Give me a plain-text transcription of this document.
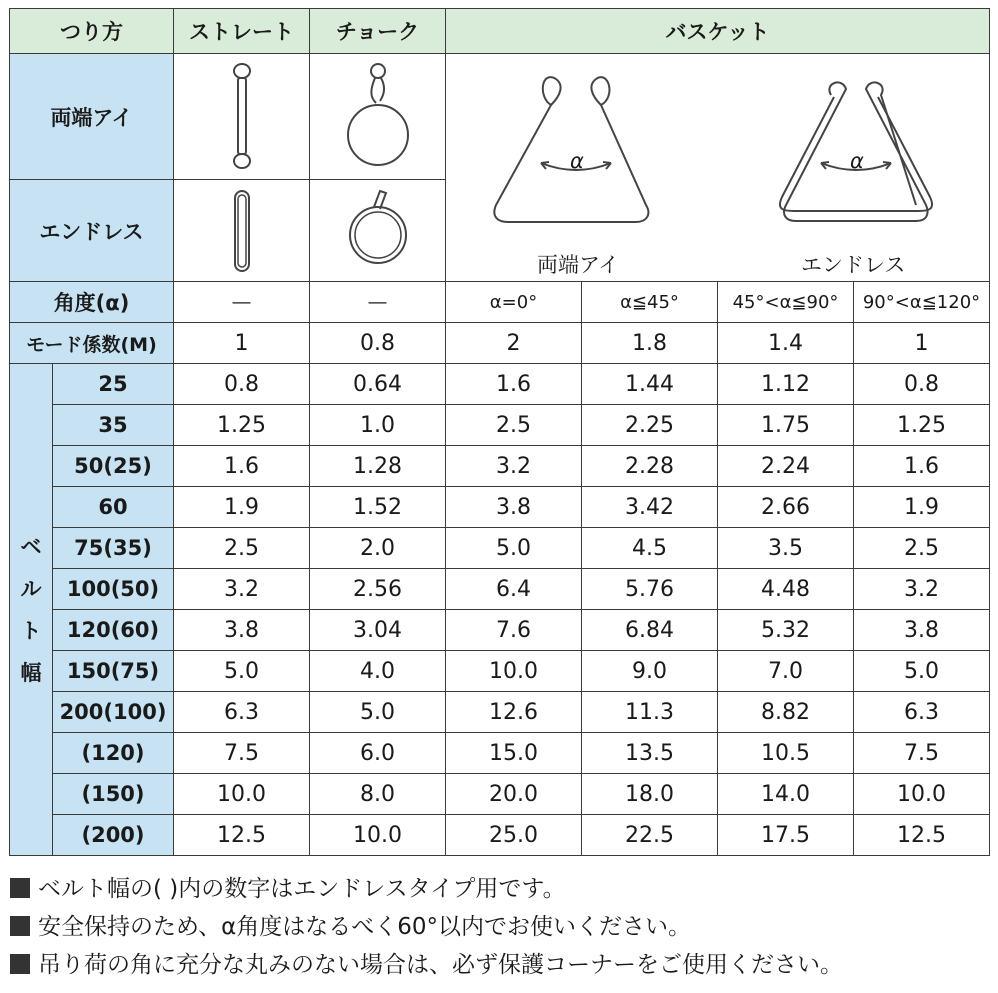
つり方		ストレート	チョーク	バスケット			
両端アイ				α α
両端アイ エンドレス			

エンドレス	

角度(α)		―	―	α=0°	α≦45°	45°<α≦90°	90°<α≦120°
モード係数(M)		1	0.8	2	1.8	1.4	1

ベ
ル
ト
幅	25	0.8	0.64	1.6	1.44	1.12	0.8
	35	1.25	1.0	2.5	2.25	1.75	1.25
	50(25)	1.6	1.28	3.2	2.28	2.24	1.6
	60	1.9	1.52	3.8	3.42	2.66	1.9
	75(35)	2.5	2.0	5.0	4.5	3.5	2.5
	100(50)	3.2	2.56	6.4	5.76	4.48	3.2
	120(60)	3.8	3.04	7.6	6.84	5.32	3.8
	150(75)	5.0	4.0	10.0	9.0	7.0	5.0
	200(100)	6.3	5.0	12.6	11.3	8.82	6.3
	(120)	7.5	6.0	15.0	13.5	10.5	7.5
	(150)	10.0	8.0	20.0	18.0	14.0	10.0
	(200)	12.5	10.0	25.0	22.5	17.5	12.5
ベルト幅の( )内の数字はエンドレスタイプ用です。
安全保持のため、α角度はなるべく60°以内でお使いください。
吊り荷の角に充分な丸みのない場合は、必ず保護コーナーをご使用ください。
